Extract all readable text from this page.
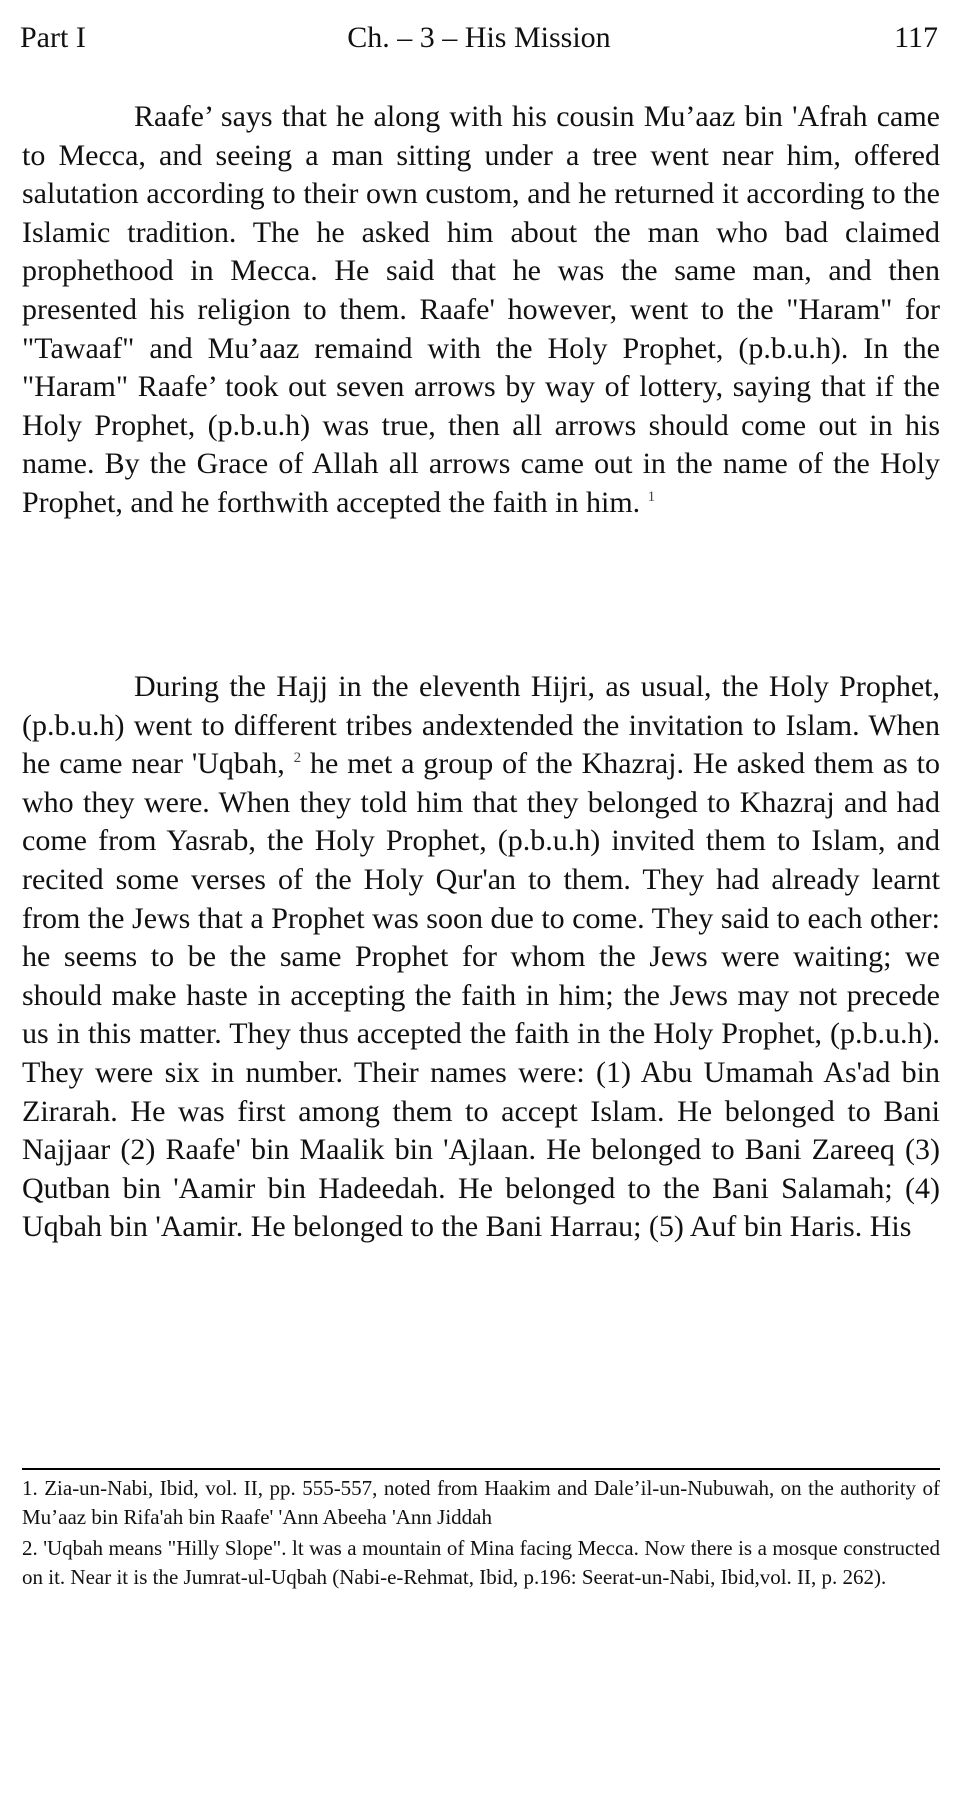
Part I	Ch. – 3 – His Mission	117

Raafe’ says that he along with his cousin Mu’aaz bin 'Afrah came to Mecca, and seeing a man sitting under a tree went near him, offered salutation according to their own custom, and he returned it according to the Islamic tradition. The he asked him about the man who bad claimed prophethood in Mecca. He said that he was the same man, and then presented his religion to them. Raafe' however, went to the "Haram" for "Tawaaf" and Mu’aaz remaind with the Holy Prophet, (p.b.u.h). In the "Haram" Raafe’ took out seven arrows by way of lottery, saying that if the Holy Prophet, (p.b.u.h) was true, then all arrows should come out in his name. By the Grace of Allah all arrows came out in the name of the Holy Prophet, and he forthwith accepted the faith in him. $^1$

During the Hajj in the eleventh Hijri, as usual, the Holy Prophet, (p.b.u.h) went to different tribes andextended the invitation to Islam. When he came near 'Uqbah, $^2$ he met a group of the Khazraj. He asked them as to who they were. When they told him that they belonged to Khazraj and had come from Yasrab, the Holy Prophet, (p.b.u.h) invited them to Islam, and recited some verses of the Holy Qur'an to them. They had already learnt from the Jews that a Prophet was soon due to come. They said to each other: he seems to be the same Prophet for whom the Jews were waiting; we should make haste in accepting the faith in him; the Jews may not precede us in this matter. They thus accepted the faith in the Holy Prophet, (p.b.u.h). They were six in number. Their names were: (1) Abu Umamah As'ad bin Zirarah. He was first among them to accept Islam. He belonged to Bani Najjaar (2) Raafe' bin Maalik bin 'Ajlaan. He belonged to Bani Zareeq (3) Qutban bin 'Aamir bin Hadeedah. He belonged to the Bani Salamah; (4) Uqbah bin 'Aamir. He belonged to the Bani Harrau; (5) Auf bin Haris. His

1. Zia-un-Nabi, Ibid, vol. II, pp. 555-557, noted from Haakim and Dale’il-un-Nubuwah, on the authority of Mu’aaz bin Rifa'ah bin Raafe' 'Ann Abeeha 'Ann Jiddah

2. 'Uqbah means "Hilly Slope". lt was a mountain of Mina facing Mecca. Now there is a mosque constructed on it. Near it is the Jumrat-ul-Uqbah (Nabi-e-Rehmat, Ibid, p.196: Seerat-un-Nabi, Ibid,vol. II, p. 262).
